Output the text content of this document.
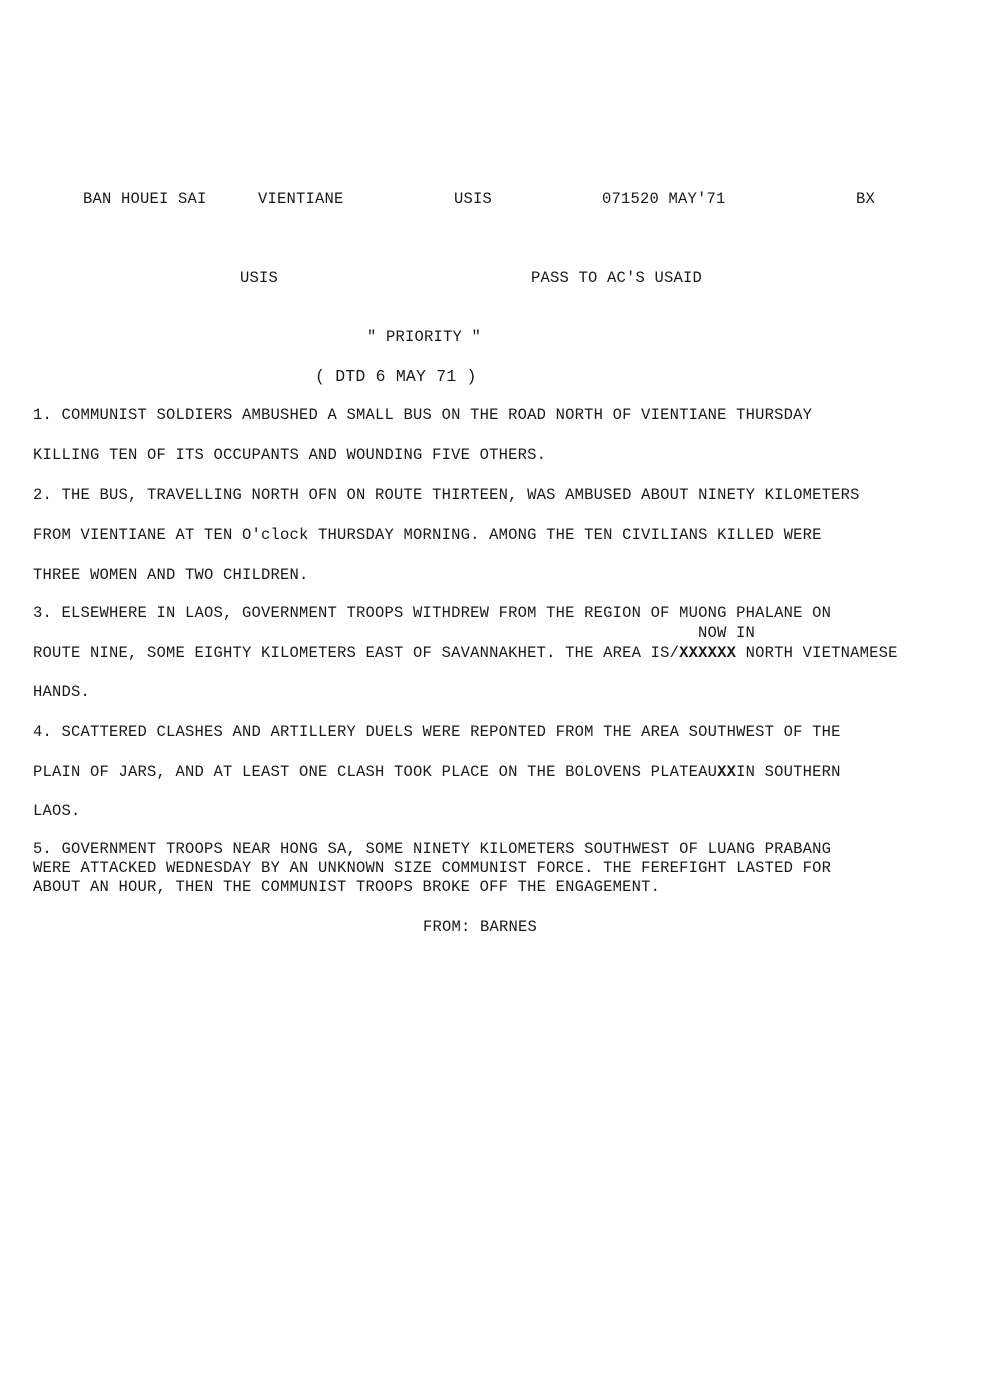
BAN HOUEI SAI	VIENTIANE	USIS	071520 MAY'71	BX
USIS	PASS TO AC'S USAID
" PRIORITY "
( DTD 6 MAY 71 )
1. COMMUNIST SOLDIERS AMBUSHED A SMALL BUS ON THE ROAD NORTH OF VIENTIANE THURSDAY
KILLING TEN OF ITS OCCUPANTS AND WOUNDING FIVE OTHERS.
2. THE BUS, TRAVELLING NORTH OFN ON ROUTE THIRTEEN, WAS AMBUSED ABOUT NINETY KILOMETERS
FROM VIENTIANE AT TEN O'clock THURSDAY MORNING. AMONG THE TEN CIVILIANS KILLED WERE
THREE WOMEN AND TWO CHILDREN.
3. ELSEWHERE IN LAOS, GOVERNMENT TROOPS WITHDREW FROM THE REGION OF MUONG PHALANE ON
NOW IN
ROUTE NINE, SOME EIGHTY KILOMETERS EAST OF SAVANNAKHET. THE AREA IS/XXXXXX NORTH VIETNAMESE
HANDS.
4. SCATTERED CLASHES AND ARTILLERY DUELS WERE REPONTED FROM THE AREA SOUTHWEST OF THE
PLAIN OF JARS, AND AT LEAST ONE CLASH TOOK PLACE ON THE BOLOVENS PLATEAUXXIN SOUTHERN
LAOS.
5. GOVERNMENT TROOPS NEAR HONG SA, SOME NINETY KILOMETERS SOUTHWEST OF LUANG PRABANG
WERE ATTACKED WEDNESDAY BY AN UNKNOWN SIZE COMMUNIST FORCE. THE FEREFIGHT LASTED FOR
ABOUT AN HOUR, THEN THE COMMUNIST TROOPS BROKE OFF THE ENGAGEMENT.
FROM: BARNES
